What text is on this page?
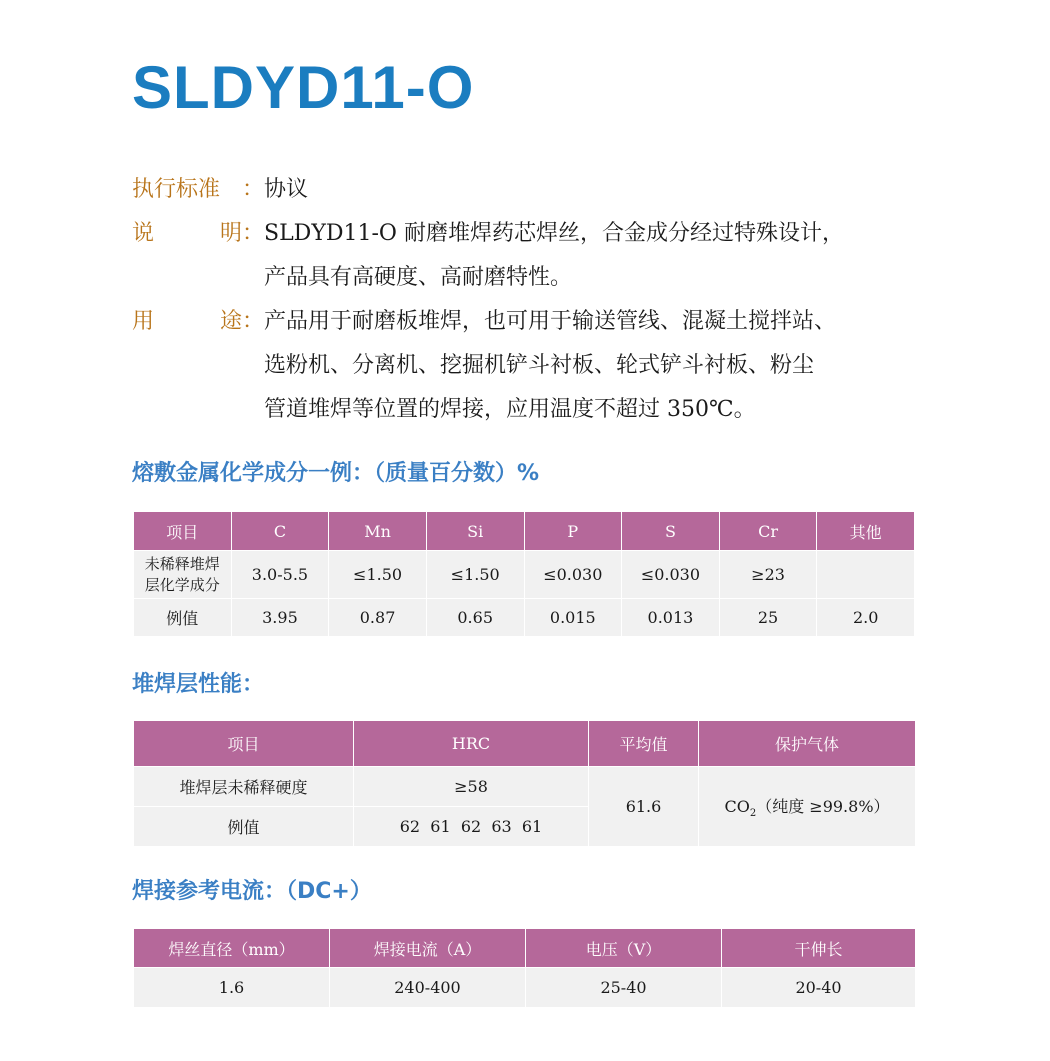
SLDYD11-O
执行标准 ： 协议
说	明 ： SLDYD11-O 耐磨堆焊药芯焊丝，合金成分经过特殊设计，
产品具有高硬度、高耐磨特性。
用	途 ： 产品用于耐磨板堆焊，也可用于输送管线、混凝土搅拌站、
选粉机、分离机、挖掘机铲斗衬板、轮式铲斗衬板、粉尘
管道堆焊等位置的焊接，应用温度不超过 350℃。
熔敷金属化学成分一例：（质量百分数）%
项目	C	Mn	Si	P	S	Cr	其他

未稀释堆焊
层化学成分	3.0-5.5	≤1.50	≤1.50	≤0.030	≤0.030	≥23	
例值	3.95	0.87	0.65	0.015	0.013	25	2.0
堆焊层性能：
项目	HRC	平均值	保护气体
堆焊层未稀释硬度	≥58	61.6	$CO_2$（纯度 ≥99.8%）
例值	62  61  62  63  61		
焊接参考电流：（DC+）
焊丝直径（mm）	焊接电流（A）	电压（V）	干伸长
1.6	240-400	25-40	20-40
